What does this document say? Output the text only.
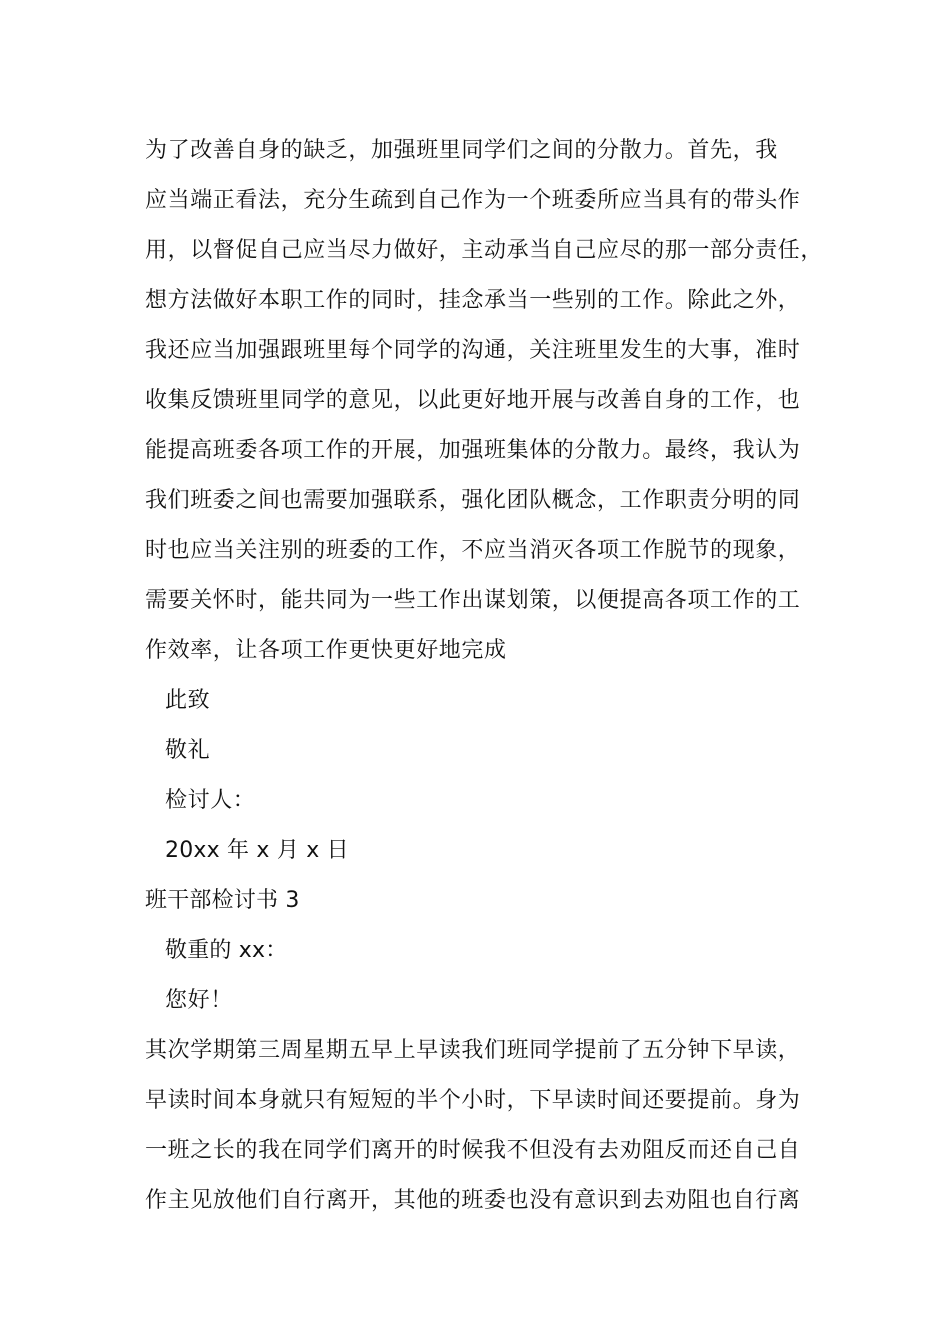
为了改善自身的缺乏，加强班里同学们之间的分散力。首先，我
应当端正看法，充分生疏到自己作为一个班委所应当具有的带头作
用，以督促自己应当尽力做好，主动承当自己应尽的那一部分责任，
想方法做好本职工作的同时，挂念承当一些别的工作。除此之外，
我还应当加强跟班里每个同学的沟通，关注班里发生的大事，准时
收集反馈班里同学的意见，以此更好地开展与改善自身的工作，也
能提高班委各项工作的开展，加强班集体的分散力。最终，我认为
我们班委之间也需要加强联系，强化团队概念，工作职责分明的同
时也应当关注别的班委的工作，不应当消灭各项工作脱节的现象，
需要关怀时，能共同为一些工作出谋划策，以便提高各项工作的工
作效率，让各项工作更快更好地完成
此致
敬礼
检讨人：
20xx 年 x 月 x 日
班干部检讨书 3
敬重的 xx：
您好！
其次学期第三周星期五早上早读我们班同学提前了五分钟下早读，
早读时间本身就只有短短的半个小时，下早读时间还要提前。身为
一班之长的我在同学们离开的时候我不但没有去劝阻反而还自己自
作主见放他们自行离开，其他的班委也没有意识到去劝阻也自行离
